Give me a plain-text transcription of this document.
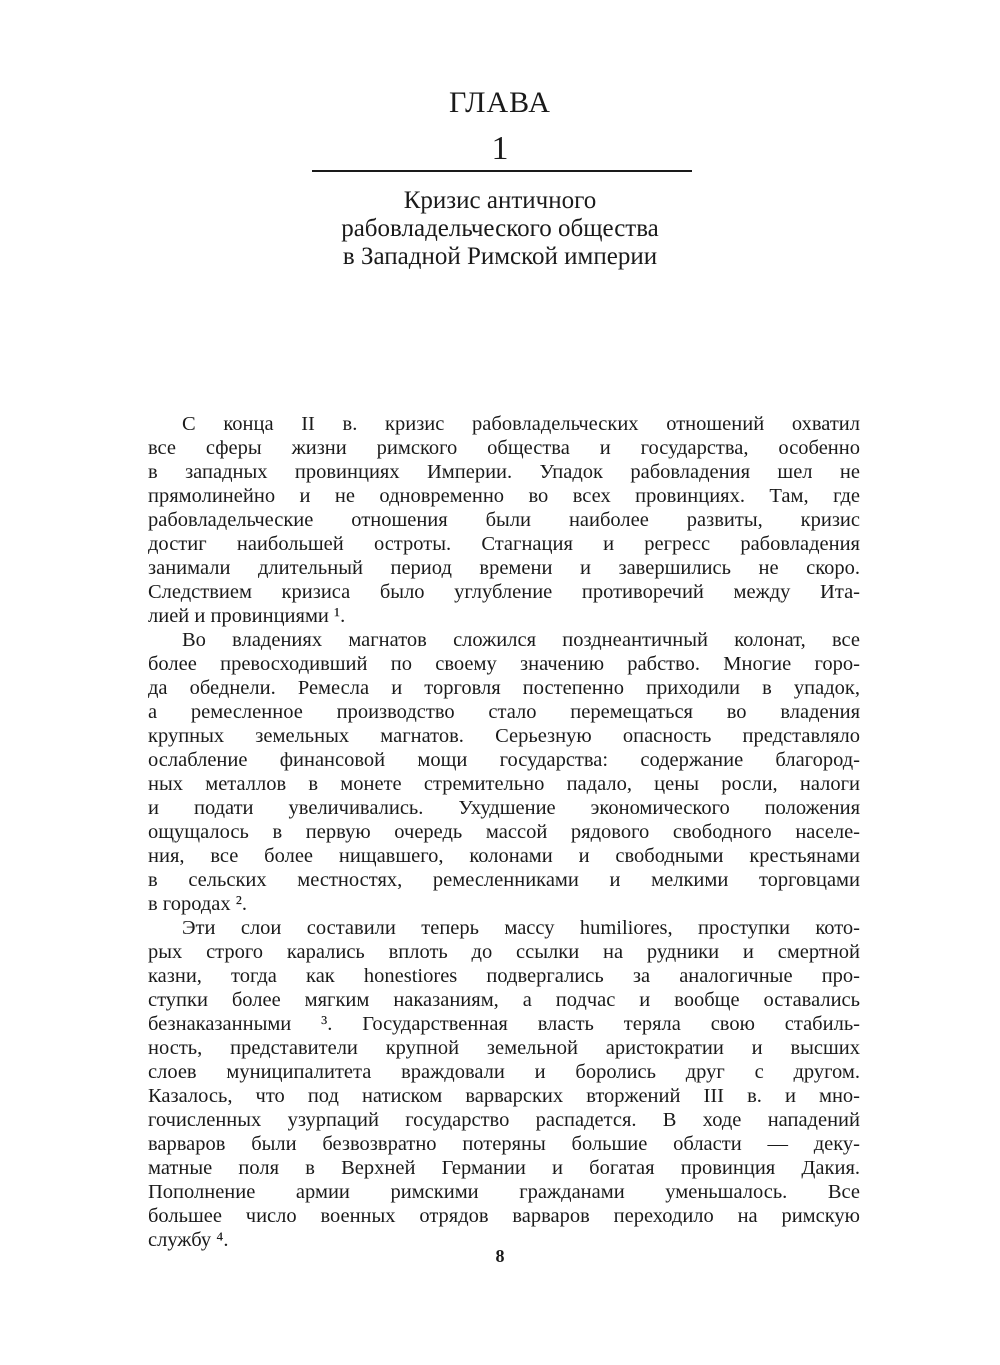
ГЛАВА
1
Кризис античного
рабовладельческого общества
в Западной Римской империи
С конца II в. кризис рабовладельческих отношений охватил
все сферы жизни римского общества и государства, особенно
в западных провинциях Империи. Упадок рабовладения шел не
прямолинейно и не одновременно во всех провинциях. Там, где
рабовладельческие отношения были наиболее развиты, кризис
достиг наибольшей остроты. Стагнация и регресс рабовладения
занимали длительный период времени и завершились не скоро.
Следствием кризиса было углубление противоречий между Ита-
лией и провинциями ¹.
Во владениях магнатов сложился позднеантичный колонат, все
более превосходивший по своему значению рабство. Многие горо-
да обеднели. Ремесла и торговля постепенно приходили в упадок,
а ремесленное производство стало перемещаться во владения
крупных земельных магнатов. Серьезную опасность представляло
ослабление финансовой мощи государства: содержание благород-
ных металлов в монете стремительно падало, цены росли, налоги
и подати увеличивались. Ухудшение экономического положения
ощущалось в первую очередь массой рядового свободного населе-
ния, все более нищавшего, колонами и свободными крестьянами
в сельских местностях, ремесленниками и мелкими торговцами
в городах ².
Эти слои составили теперь массу humiliores, проступки кото-
рых строго карались вплоть до ссылки на рудники и смертной
казни, тогда как honestiores подвергались за аналогичные про-
ступки более мягким наказаниям, а подчас и вообще оставались
безнаказанными ³. Государственная власть теряла свою стабиль-
ность, представители крупной земельной аристократии и высших
слоев муниципалитета враждовали и боролись друг с другом.
Казалось, что под натиском варварских вторжений III в. и мно-
гочисленных узурпаций государство распадется. В ходе нападений
варваров были безвозвратно потеряны большие области — деку-
матные поля в Верхней Германии и богатая провинция Дакия.
Пополнение армии римскими гражданами уменьшалось. Все
большее число военных отрядов варваров переходило на римскую
службу ⁴.
8
